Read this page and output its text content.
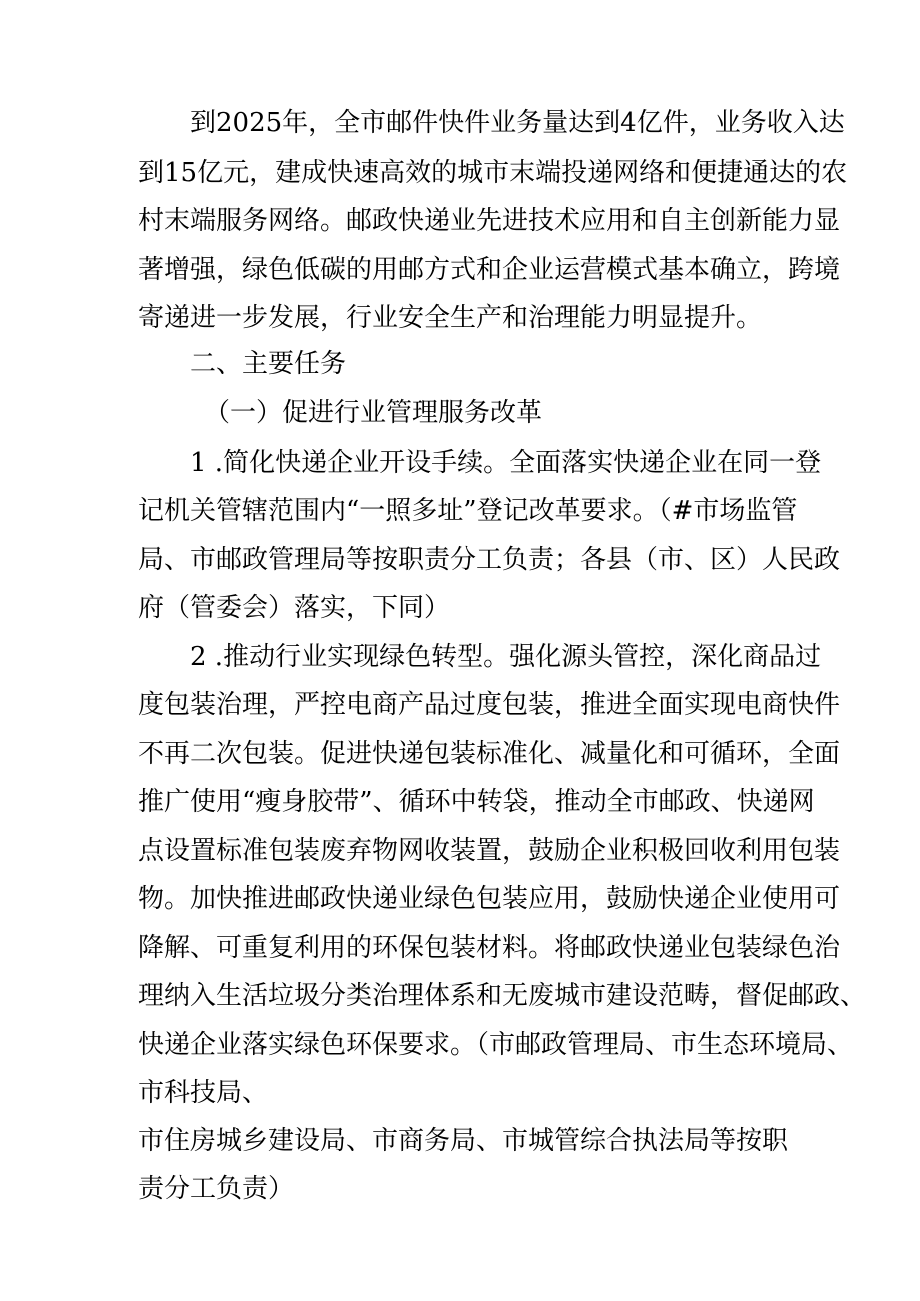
到2025年，全市邮件快件业务量达到4亿件，业务收入达
到15亿元，建成快速高效的城市末端投递网络和便捷通达的农
村末端服务网络。邮政快递业先进技术应用和自主创新能力显
著增强，绿色低碳的用邮方式和企业运营模式基本确立，跨境
寄递进一步发展，行业安全生产和治理能力明显提升。
二、主要任务
（一）促进行业管理服务改革
1 .简化快递企业开设手续。全面落实快递企业在同一登
记机关管辖范围内“一照多址”登记改革要求。（#市场监管
局、市邮政管理局等按职责分工负责；各县（市、区）人民政
府（管委会）落实，下同）
2 .推动行业实现绿色转型。强化源头管控，深化商品过
度包装治理，严控电商产品过度包装，推进全面实现电商快件
不再二次包装。促进快递包装标准化、减量化和可循环，全面
推广使用“瘦身胶带”、循环中转袋，推动全市邮政、快递网
点设置标准包装废弃物网收装置，鼓励企业积极回收利用包装
物。加快推进邮政快递业绿色包装应用，鼓励快递企业使用可
降解、可重复利用的环保包装材料。将邮政快递业包装绿色治
理纳入生活垃圾分类治理体系和无废城市建设范畴，督促邮政、
快递企业落实绿色环保要求。（市邮政管理局、市生态环境局、
市科技局、
市住房城乡建设局、市商务局、市城管综合执法局等按职
责分工负责）
